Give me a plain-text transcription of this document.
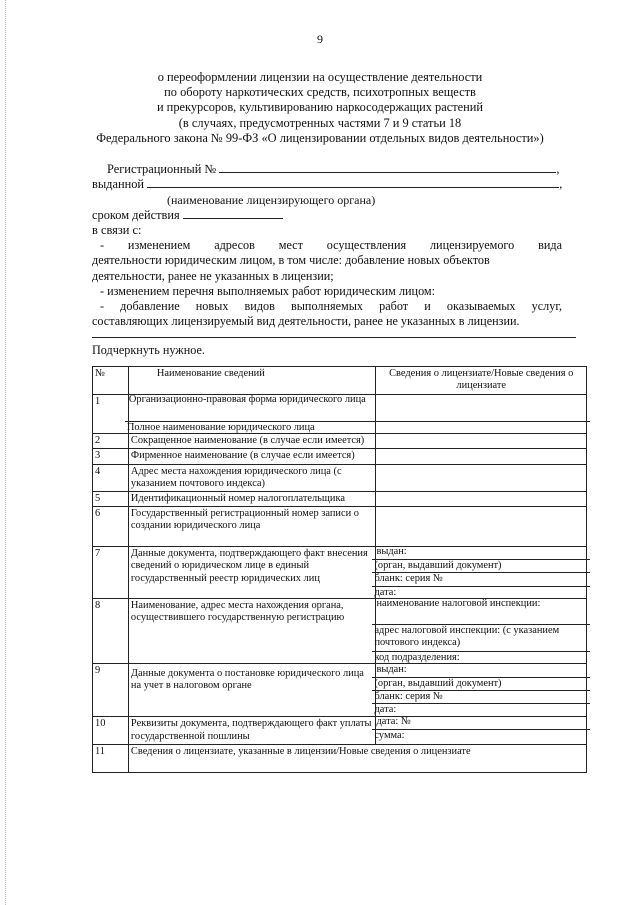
9
о переоформлении лицензии на осуществление деятельности
по обороту наркотических средств, психотропных веществ
и прекурсоров, культивированию наркосодержащих растений
(в случаях, предусмотренных частями 7 и 9 статьи 18
Федерального закона № 99-ФЗ «О лицензировании отдельных видов деятельности»)
Регистрационный №	,
выданной	,
(наименование лицензирующего органа)
сроком действия
в связи с:
- изменением адресов мест осуществления лицензируемого вида
деятельности юридическим лицом, в том числе: добавление новых объектов
деятельности, ранее не указанных в лицензии;
- изменением перечня выполняемых работ юридическим лицом:
- добавление новых видов выполняемых работ и оказываемых услуг,
составляющих лицензируемый вид деятельности, ранее не указанных в лицензии.
Подчеркнуть нужное.
№	Наименование сведений	Сведения о лицензиате/Новые сведения о лицензиате
1	Организационно-правовая форма юридического лица
Полное наименование юридического лица	

2	Сокращенное наименование (в случае если имеется)	
3	Фирменное наименование (в случае если имеется)	
4	Адрес места нахождения юридического лица (с указанием почтового индекса)	
5	Идентификационный номер налогоплательщика	
6	Государственный регистрационный номер записи о создании юридического лица	
7	Данные документа, подтверждающего факт внесения сведений о юридическом лице в единый государственный реестр юридических лиц	выдан:
(орган, выдавший документ)
бланк: серия №
дата:

8	Наименование, адрес места нахождения органа, осуществившего государственную регистрацию	наименование налоговой инспекции:
адрес налоговой инспекции: (с указанием почтового индекса)
код подразделения:

9	Данные документа о постановке юридического лица на учет в налоговом органе	выдан:
(орган, выдавший документ)
бланк: серия №
дата:

10	Реквизиты документа, подтверждающего факт уплаты государственной пошлины	дата: №
сумма:

11	Сведения о лицензиате, указанные в лицензии/Новые сведения о лицензиате	
